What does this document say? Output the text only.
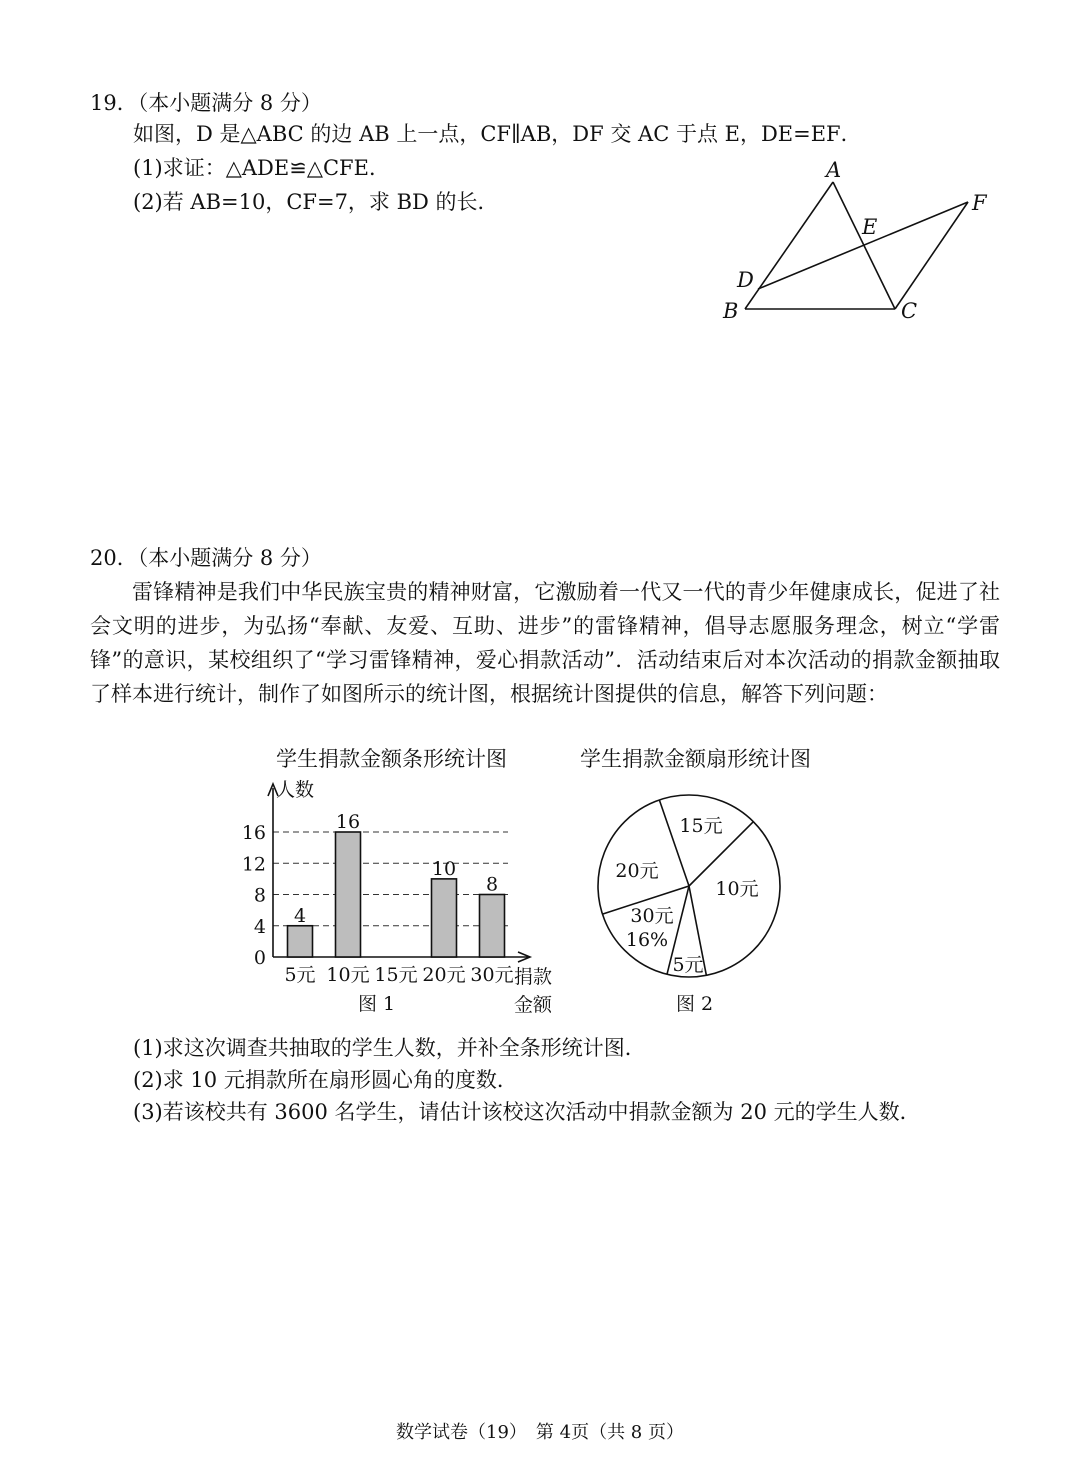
19．（本小题满分 8 分）
如图，D 是△ABC 的边 AB 上一点，CF∥AB，DF 交 AC 于点 E，DE=EF．
(1)求证：△ADE≌△CFE．
(2)若 AB=10，CF=7，求 BD 的长．
A
B	C
D
E
F
20．（本小题满分 8 分）
雷锋精神是我们中华民族宝贵的精神财富，它激励着一代又一代的青少年健康成长，促进了社会文明的进步，为弘扬“奉献、友爱、互助、进步”的雷锋精神，倡导志愿服务理念，树立“学雷锋”的意识，某校组织了“学习雷锋精神，爱心捐款活动”．活动结束后对本次活动的捐款金额抽取了样本进行统计，制作了如图所示的统计图，根据统计图提供的信息，解答下列问题：
学生捐款金额条形统计图
人数
捐款
金额
图 1
0
4
8
12
16
4
5元
16
10元 15元
10
20元
8
30元
学生捐款金额扇形统计图
图 2
15元
10元
5元
30元
16%
20元
(1)求这次调查共抽取的学生人数，并补全条形统计图．
(2)求 10 元捐款所在扇形圆心角的度数．
(3)若该校共有 3600 名学生，请估计该校这次活动中捐款金额为 20 元的学生人数．
数学试卷（19）　第 4页（共 8 页）
